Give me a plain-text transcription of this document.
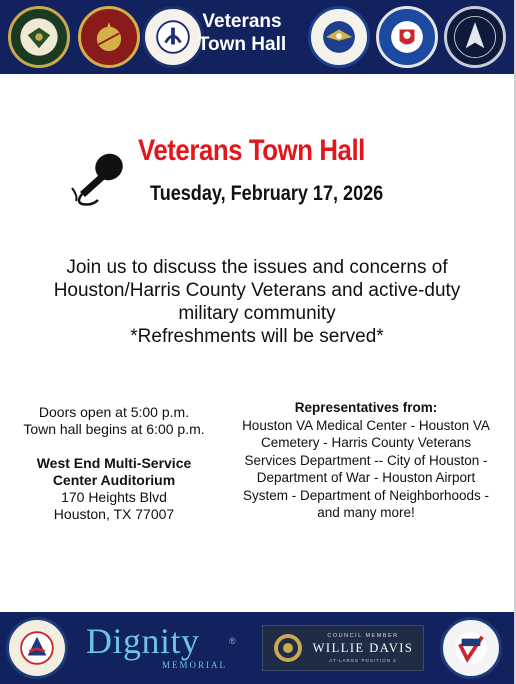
Veterans
Town Hall
Veterans Town Hall
Tuesday, February 17, 2026
Join us to discuss the issues and concerns of
Houston/Harris County Veterans and active-duty
military community
*Refreshments will be served*
Doors open at 5:00 p.m.
Town hall begins at 6:00 p.m.
West End Multi-Service
Center Auditorium
170 Heights Blvd
Houston, TX 77007
Representatives from:
Houston VA Medical Center - Houston VA
Cemetery - Harris County Veterans
Services Department -- City of Houston -
Department of War - Houston Airport
System - Department of Neighborhoods -
and many more!
Dignity	®
MEMORIAL
COUNCIL MEMBER
WILLIE DAVIS
AT-LARGE POSITION 2
